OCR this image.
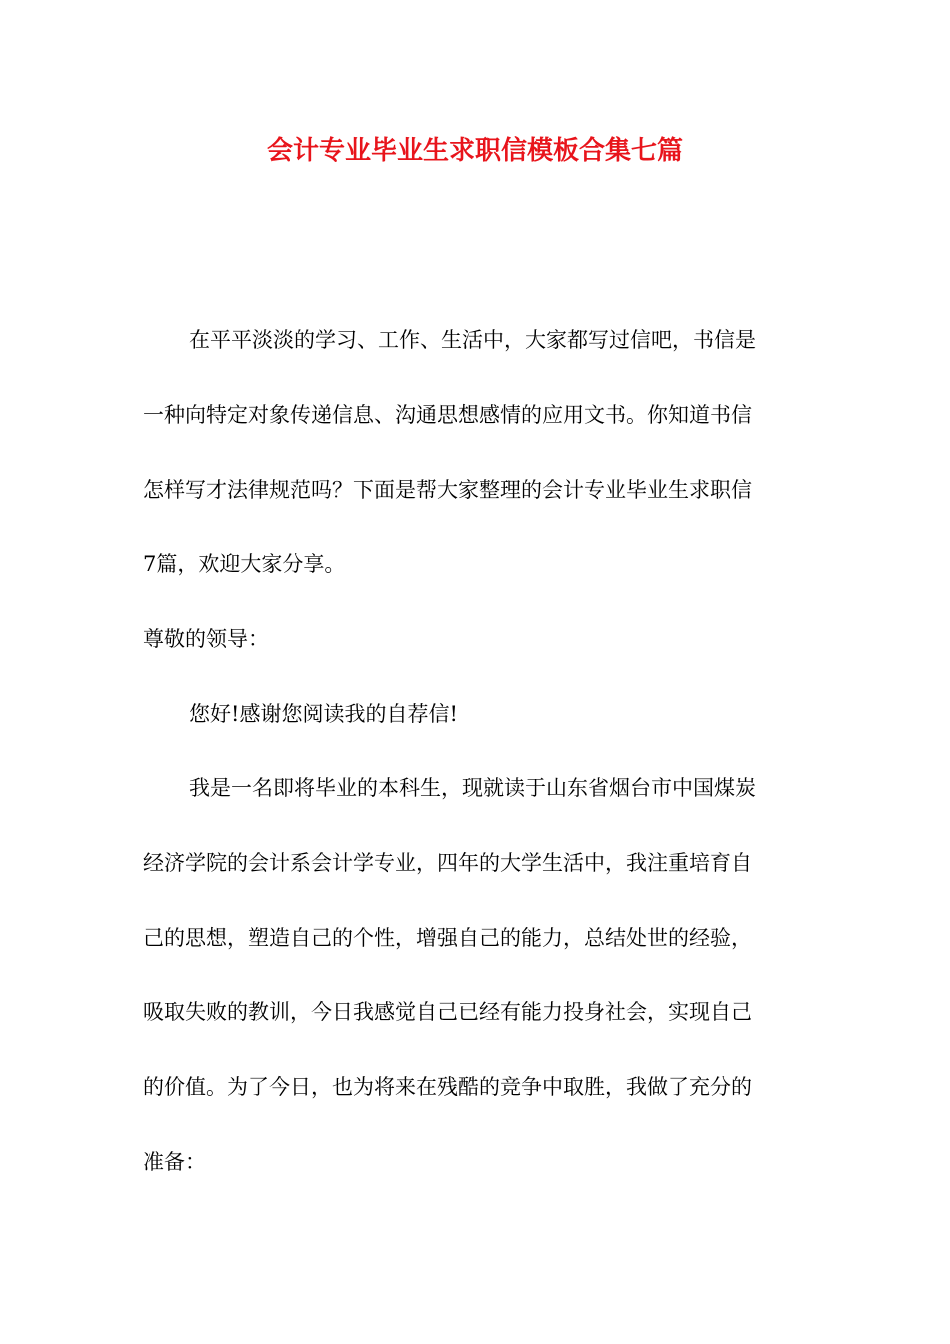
会计专业毕业生求职信模板合集七篇
在平平淡淡的学习、工作、生活中，大家都写过信吧，书信是
一种向特定对象传递信息、沟通思想感情的应用文书。你知道书信
怎样写才法律规范吗？下面是帮大家整理的会计专业毕业生求职信
7篇，欢迎大家分享。
尊敬的领导：
您好!感谢您阅读我的自荐信!
我是一名即将毕业的本科生，现就读于山东省烟台市中国煤炭
经济学院的会计系会计学专业，四年的大学生活中，我注重培育自
己的思想，塑造自己的个性，增强自己的能力，总结处世的经验，
吸取失败的教训，今日我感觉自己已经有能力投身社会，实现自己
的价值。为了今日，也为将来在残酷的竞争中取胜，我做了充分的
准备：
